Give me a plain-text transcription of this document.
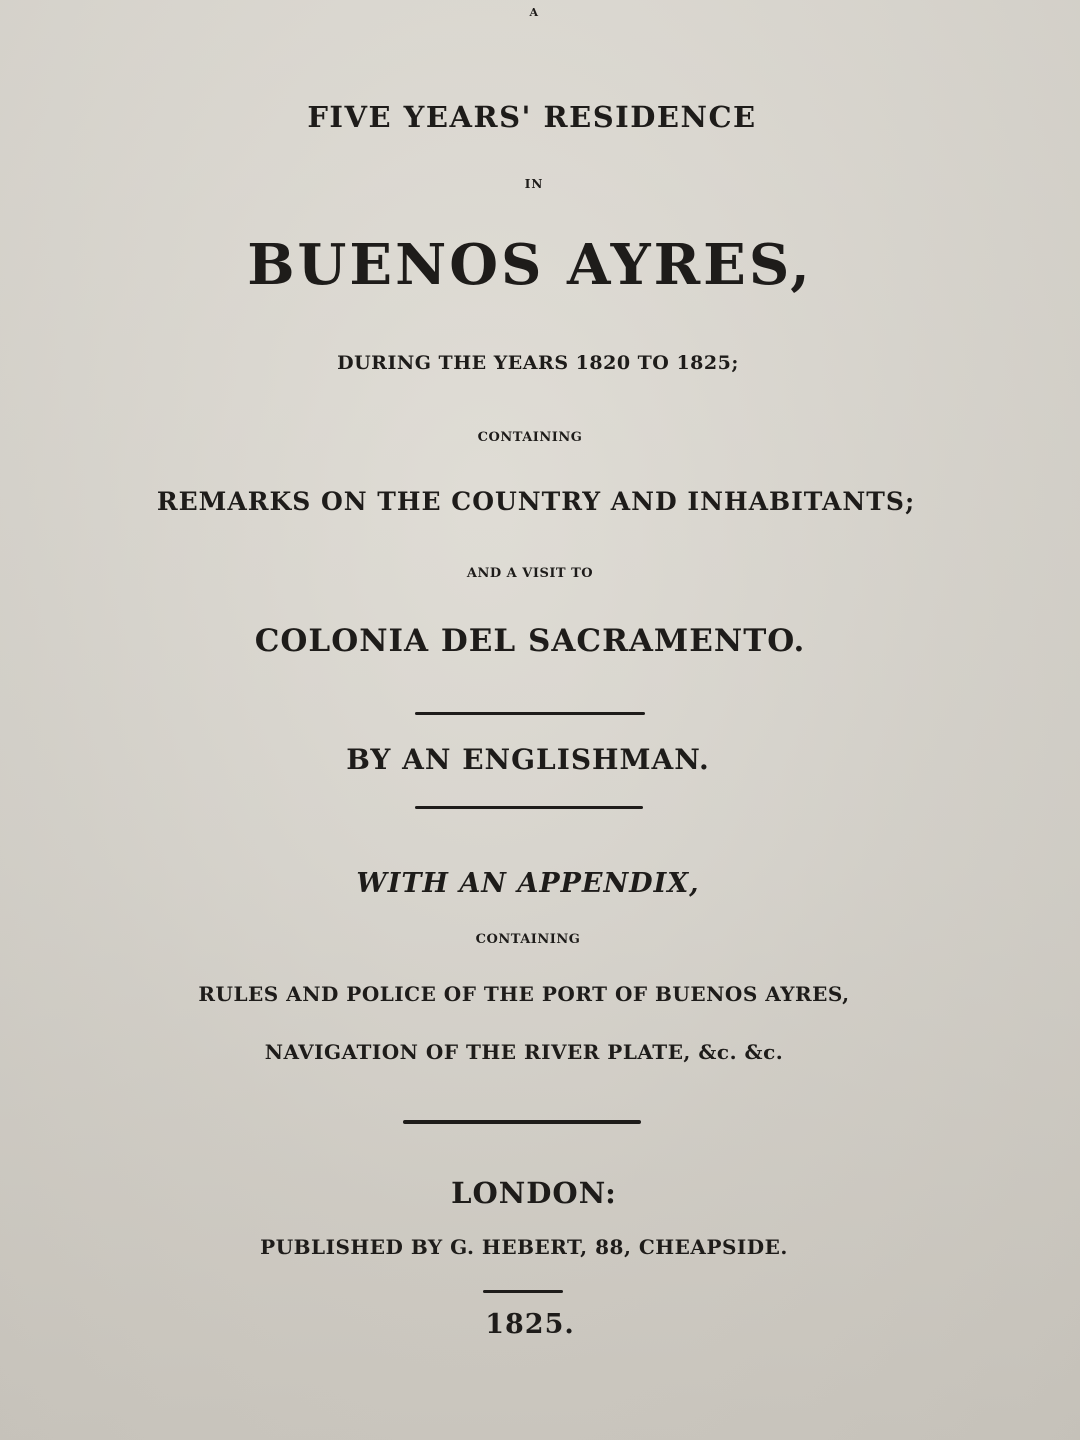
A
FIVE YEARS' RESIDENCE
IN
BUENOS AYRES,
DURING THE YEARS 1820 TO 1825;
CONTAINING
REMARKS ON THE COUNTRY AND INHABITANTS;
AND A VISIT TO
COLONIA DEL SACRAMENTO.
BY AN ENGLISHMAN.
WITH AN APPENDIX,
CONTAINING
RULES AND POLICE OF THE PORT OF BUENOS AYRES,
NAVIGATION OF THE RIVER PLATE, &c. &c.
LONDON:
PUBLISHED BY G. HEBERT, 88, CHEAPSIDE.
1825.
